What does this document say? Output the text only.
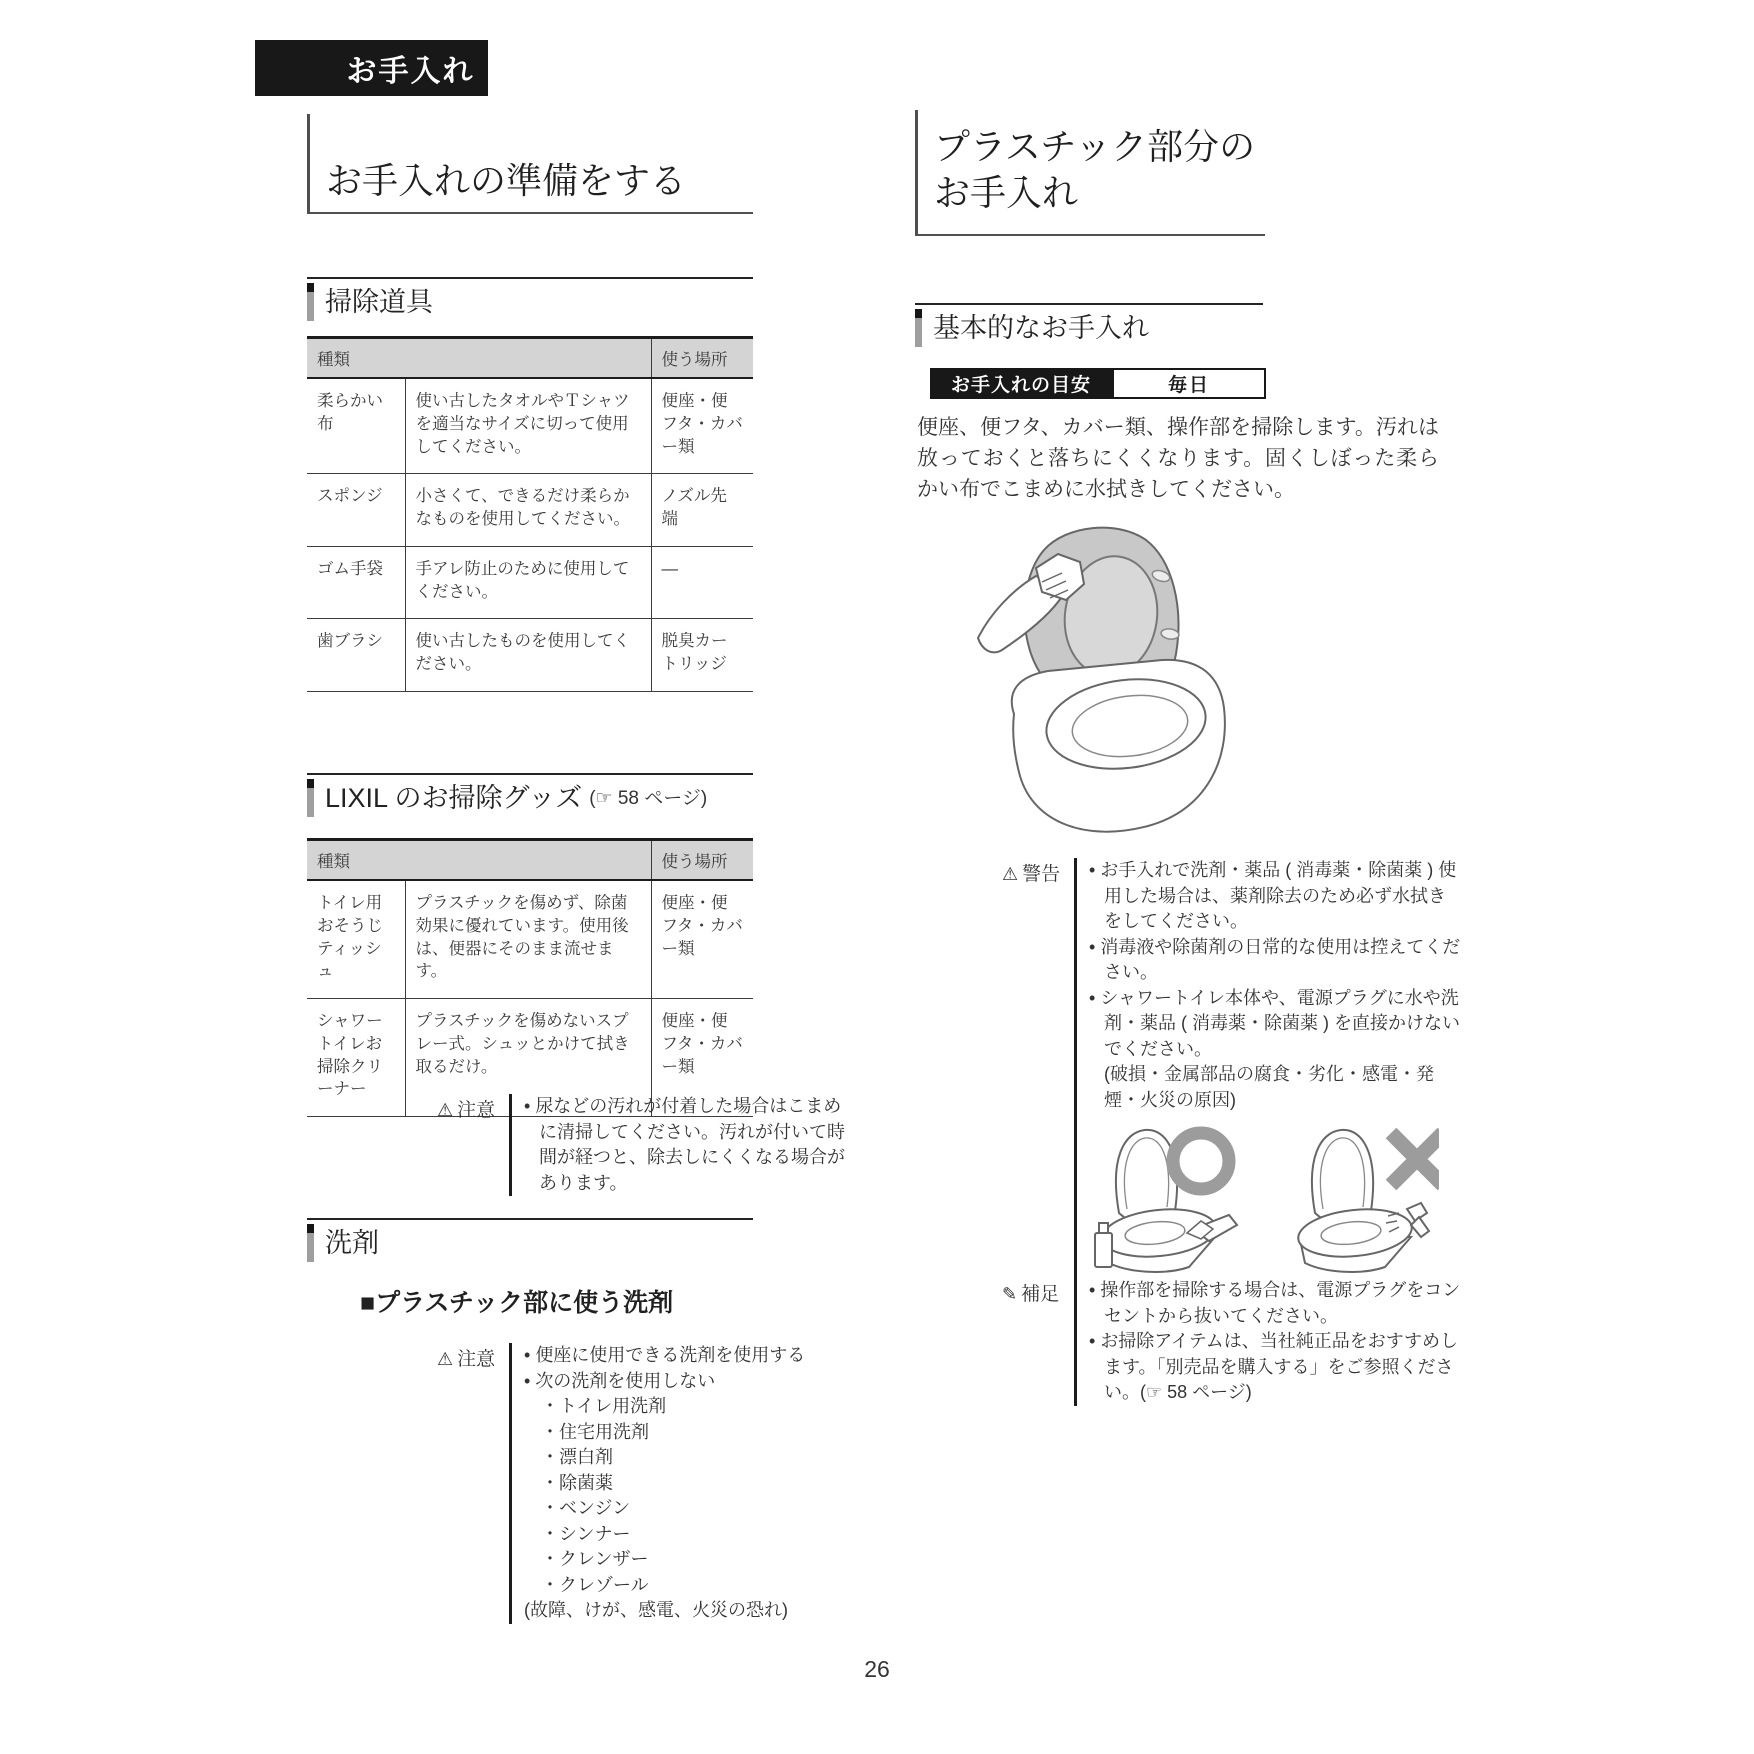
お手入れ
お手入れの準備をする
掃除道具
種類		使う場所
柔らかい布	使い古したタオルやＴシャツを適当なサイズに切って使用してください。	便座・便フタ・カバー類
スポンジ	小さくて、できるだけ柔らかなものを使用してください。	ノズル先端
ゴム手袋	手アレ防止のために使用してください。	―
歯ブラシ	使い古したものを使用してください。	脱臭カートリッジ
LIXIL のお掃除グッズ (☞ 58 ページ)
種類		使う場所
トイレ用おそうじティッシュ	プラスチックを傷めず、除菌効果に優れています。使用後は、便器にそのまま流せます。	便座・便フタ・カバー類
シャワートイレお掃除クリーナー	プラスチックを傷めないスプレー式。シュッとかけて拭き取るだけ。	便座・便フタ・カバー類
⚠ 注意	• 尿などの汚れが付着した場合はこまめに清掃してください。汚れが付いて時間が経つと、除去しにくくなる場合があります。
洗剤
■プラスチック部に使う洗剤
⚠ 注意	• 便座に使用できる洗剤を使用する
• 次の洗剤を使用しない
・ トイレ用洗剤
・ 住宅用洗剤
・ 漂白剤
・ 除菌薬
・ ベンジン
・ シンナー
・ クレンザー
・ クレゾール
(故障、けが、感電、火災の恐れ)
プラスチック部分の
お手入れ
基本的なお手入れ
お手入れの目安	毎日
便座、便フタ、カバー類、操作部を掃除します。汚れは放っておくと落ちにくくなります。固くしぼった柔らかい布でこまめに水拭きしてください。
⚠ 警告	• お手入れで洗剤・薬品 ( 消毒薬・除菌薬 ) 使用した場合は、薬剤除去のため必ず水拭きをしてください。
• 消毒液や除菌剤の日常的な使用は控えてください。
• シャワートイレ本体や、電源プラグに水や洗剤・薬品 ( 消毒薬・除菌薬 ) を直接かけないでください。
(破損・金属部品の腐食・劣化・感電・発煙・火災の原因)
✎ 補足	• 操作部を掃除する場合は、電源プラグをコンセントから抜いてください。
• お掃除アイテムは、当社純正品をおすすめします。「別売品を購入する」をご参照ください。(☞ 58 ページ)
26
